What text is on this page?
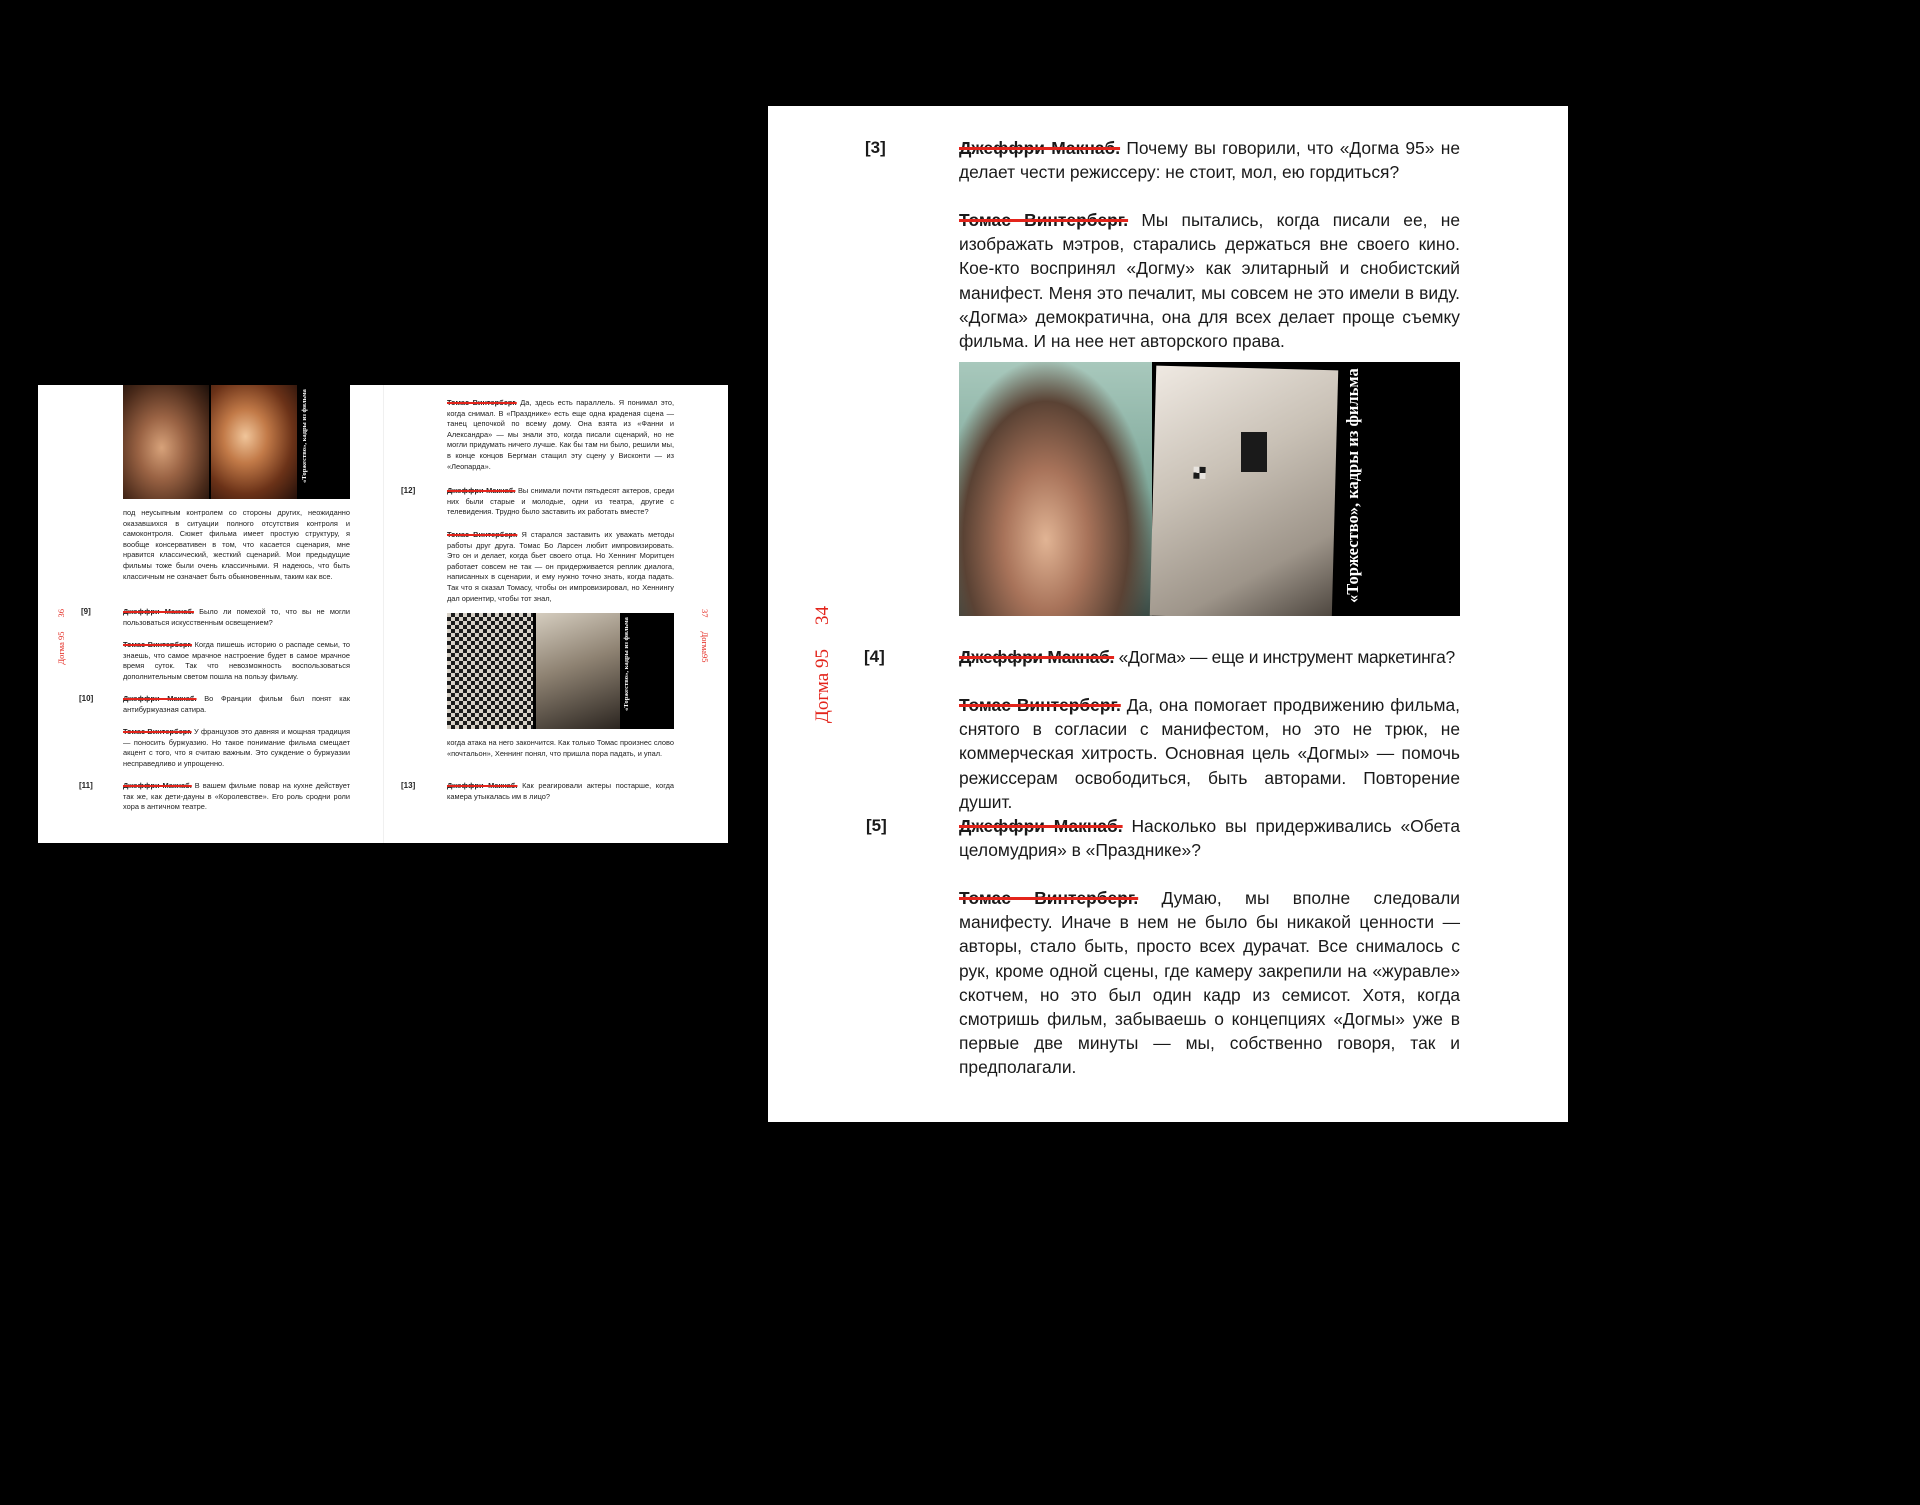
«Торжество», кадры из фильма
под неусыпным контролем со стороны других, неожиданно оказавшихся в ситуации полного отсутствия контроля и самоконтроля. Сюжет фильма имеет простую структуру, я вообще консервативен в том, что касается сценария, мне нравится классический, жесткий сценарий. Мои предыдущие фильмы тоже были очень классичными. Я надеюсь, что быть классичным не означает быть обыкновенным, таким как все.
[9]	Джеффри Макнаб. Было ли помехой то, что вы не могли пользоваться искусственным освещением?
Томас Винтерберг. Когда пишешь историю о распаде семьи, то знаешь, что самое мрачное настроение будет в самое мрачное время суток. Так что невозможность воспользоваться дополнительным светом пошла на пользу фильму.
[10]	Джеффри Макнаб. Во Франции фильм был понят как антибуржуазная сатира.
Томас Винтерберг. У французов это давняя и мощная традиция — поносить буржуазию. Но такое понимание фильма смещает акцент с того, что я считаю важным. Это суждение о буржуазии несправедливо и упрощенно.
[11]	Джеффри Макнаб. В вашем фильме повар на кухне действует так же, как дети-дауны в «Королевстве». Его роль сродни роли хора в античном театре.
Догма 9536
Томас Винтерберг. Да, здесь есть параллель. Я понимал это, когда снимал. В «Празднике» есть еще одна краденая сцена — танец цепочкой по всему дому. Она взята из «Фанни и Александра» — мы знали это, когда писали сценарий, но не могли придумать ничего лучше. Как бы там ни было, решили мы, в конце концов Бергман стащил эту сцену у Висконти — из «Леопарда».
[12]	Джеффри Макнаб. Вы снимали почти пятьдесят актеров, среди них были старые и молодые, одни из театра, другие с телевидения. Трудно было заставить их работать вместе?
Томас Винтерберг. Я старался заставить их уважать методы работы друг друга. Томас Бо Ларсен любит импровизировать. Это он и делает, когда бьет своего отца. Но Хеннинг Моритцен работает совсем не так — он придерживается реплик диалога, написанных в сценарии, и ему нужно точно знать, когда падать. Так что я сказал Томасу, чтобы он импровизировал, но Хеннингу дал ориентир, чтобы тот знал,
«Торжество», кадры из фильма
когда атака на него закончится. Как только Томас произнес слово «почтальон», Хеннинг понял, что пришла пора падать, и упал.
[13]	Джеффри Макнаб. Как реагировали актеры постарше, когда камера утыкалась им в лицо?
37Догма95
[3]	Джеффри Макнаб. Почему вы говорили, что «Догма 95» не делает чести режиссеру: не стоит, мол, ею гордиться?
Томас Винтерберг. Мы пытались, когда писали ее, не изображать мэтров, старались держаться вне своего кино. Кое-кто воспринял «Догму» как элитарный и снобистский манифест. Меня это печалит, мы совсем не это имели в виду. «Догма» демократична, она для всех делает проще съемку фильма. И на нее нет авторского права.
«Торжество», кадры из фильма
[4]	Джеффри Макнаб. «Догма» — еще и инструмент маркетинга?
Томас Винтерберг. Да, она помогает продвижению фильма, снятого в согласии с манифестом, но это не трюк, не коммерческая хитрость. Основная цель «Догмы» — помочь режиссерам освободиться, быть авторами. Повторение душит.
[5]	Джеффри Макнаб. Насколько вы придерживались «Обета целомудрия» в «Празднике»?
Томас Винтерберг. Думаю, мы вполне следовали манифесту. Иначе в нем не было бы никакой ценности — авторы, стало быть, просто всех дурачат. Все снималось с рук, кроме одной сцены, где камеру закрепили на «журавле» скотчем, но это был один кадр из семисот. Хотя, когда смотришь фильм, забываешь о концепциях «Догмы» уже в первые две минуты — мы, собственно говоря, так и предполагали.
Догма 9534
